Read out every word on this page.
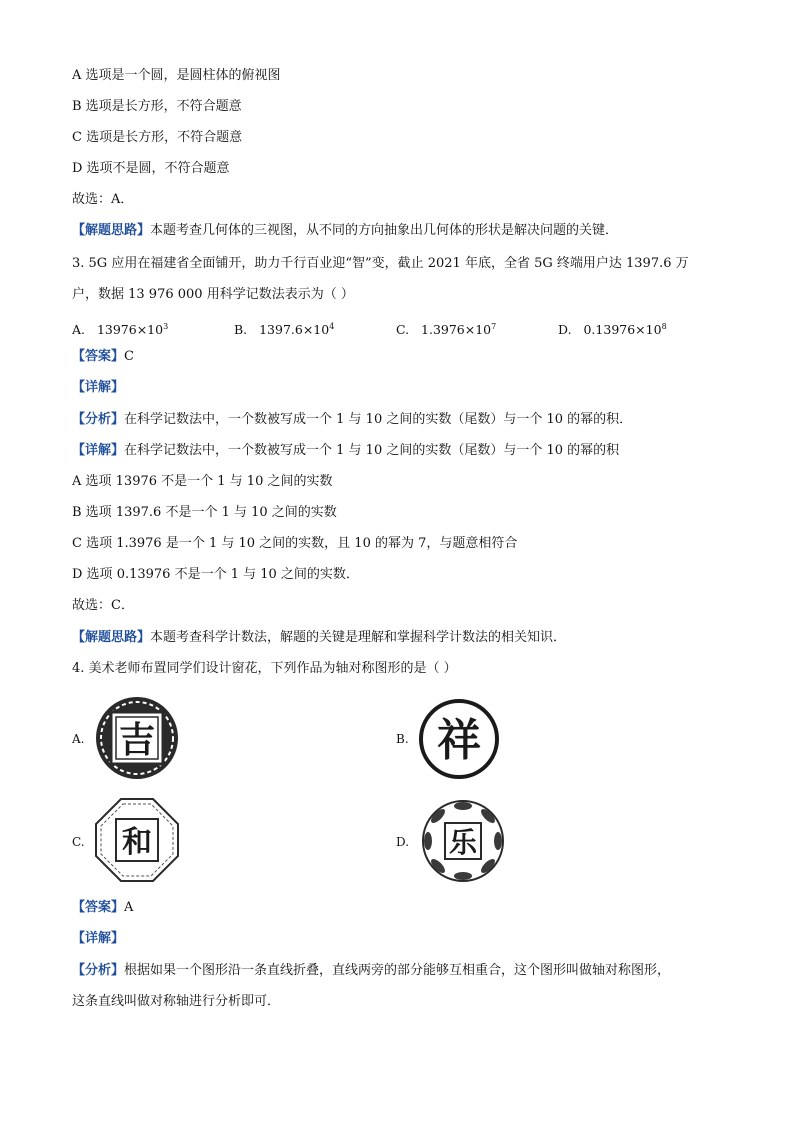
A 选项是一个圆，是圆柱体的俯视图
B 选项是长方形，不符合题意
C 选项是长方形，不符合题意
D 选项不是圆，不符合题意
故选：A．
【解题思路】本题考查几何体的三视图，从不同的方向抽象出几何体的形状是解决问题的关键．
3. 5G 应用在福建省全面铺开，助力千行百业迎“智”变，截止 2021 年底，全省 5G 终端用户达 1397.6 万
户，数据 13 976 000 用科学记数法表示为（ ）
A. $13976\times 10^3$	B. $1397.6\times 10^4$	C. $1.3976\times 10^7$	D. $0.13976\times 10^8$
【答案】C
【详解】
【分析】在科学记数法中，一个数被写成一个 1 与 10 之间的实数（尾数）与一个 10 的幂的积．
【详解】在科学记数法中，一个数被写成一个 1 与 10 之间的实数（尾数）与一个 10 的幂的积
A 选项 13976 不是一个 1 与 10 之间的实数
B 选项 1397.6 不是一个 1 与 10 之间的实数
C 选项 1.3976 是一个 1 与 10 之间的实数，且 10 的幂为 7，与题意相符合
D 选项 0.13976 不是一个 1 与 10 之间的实数．
故选：C．
【解题思路】本题考查科学计数法，解题的关键是理解和掌握科学计数法的相关知识．
4. 美术老师布置同学们设计窗花，下列作品为轴对称图形的是（ ）
A. 吉	B. 祥
C. 和	D. 乐
【答案】A
【详解】
【分析】根据如果一个图形沿一条直线折叠，直线两旁的部分能够互相重合，这个图形叫做轴对称图形，
这条直线叫做对称轴进行分析即可．
